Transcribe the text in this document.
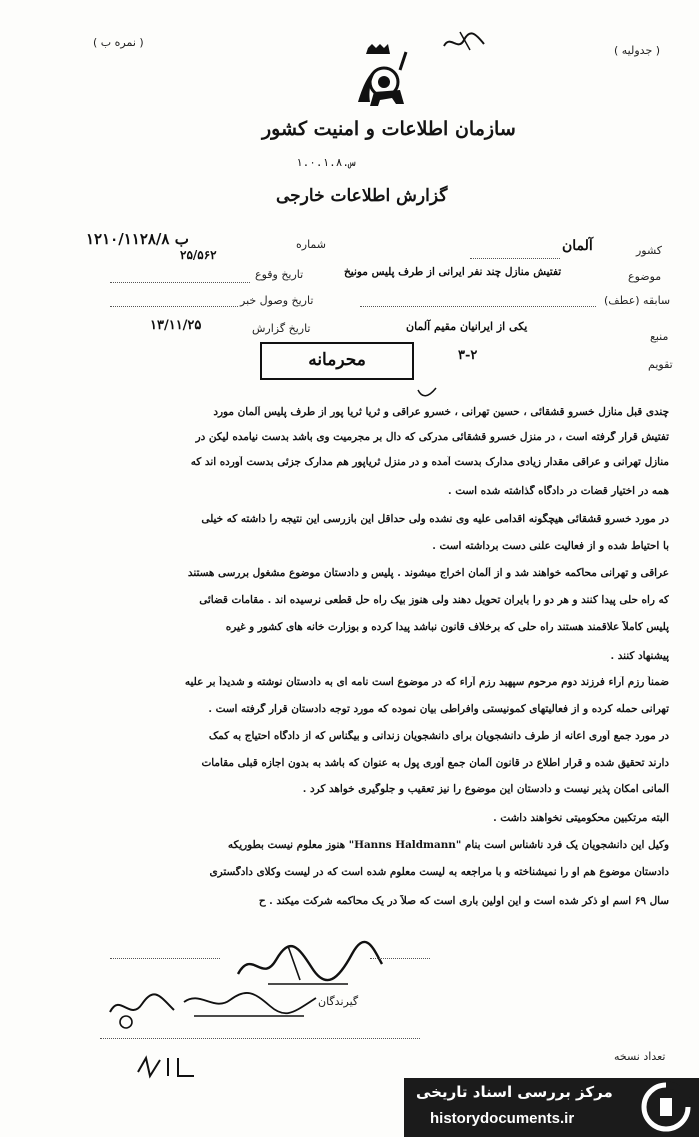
( جدولیه )
( نمره ب )
سازمان اطلاعات و امنیت کشور
س.۱.۰.۱.۸
گزارش اطلاعات خارجی
کشور
آلمان
شماره
۱۲۱۰/۱۱۲۸/۸ ب
۲۵/۵۶۲
موضوع
تفتیش منازل چند نفر ایرانی از طرف پلیس مونیخ
تاریخ وقوع
سابقه (عطف)
تاریخ وصول خبر
منبع
یکی از ایرانیان مقیم آلمان
تاریخ گزارش
۱۳/۱۱/۲۵
تقویم
۳-۲
محرمانه
چندی قبل منازل خسرو قشقائی ، حسین تهرانی ، خسرو عراقی و ثریا ثریا پور از طرف پلیس آلمان مورد
تفتیش قرار گرفته است ، در منزل خسرو قشقائی مدرکی که دال بر مجرمیت وی باشد بدست نیامده لیکن در
منازل تهرانی و عراقی مقدار زیادی مدارک بدست آمده و در منزل ثریاپور هم مدارک جزئی بدست آورده اند که
همه در اختیار قضات در دادگاه گذاشته شده است .
در مورد خسرو قشقائی هیچگونه اقدامی علیه وی نشده ولی حداقل این بازرسی این نتیجه را داشته که خیلی
با احتیاط شده و از فعالیت علنی دست برداشته است .
عراقی و تهرانی محاکمه خواهند شد و از آلمان اخراج میشوند . پلیس و دادستان موضوع مشغول بررسی هستند
که راه حلی پیدا کنند و هر دو را بایران تحویل دهند ولی هنوز بیک راه حل قطعی نرسیده اند . مقامات قضائی
پلیس کاملاً علاقمند هستند راه حلی که برخلاف قانون نباشد پیدا کرده و بوزارت خانه های کشور و غیره
پیشنهاد کنند .
ضمناً رزم آراء فرزند دوم مرحوم سپهبد رزم آراء که در موضوع است نامه ای به دادستان نوشته و شدیداً بر علیه
تهرانی حمله کرده و از فعالیتهای کمونیستی وافراطی بیان نموده که مورد توجه دادستان قرار گرفته است .
در مورد جمع آوری اعانه از طرف دانشجویان برای دانشجویان زندانی و بیگناس که از دادگاه احتیاج به کمک
دارند تحقیق شده و قرار اطلاع در قانون آلمان جمع آوری پول به عنوان که باشد به بدون اجازه قبلی مقامات
آلمانی امکان پذیر نیست و دادستان این موضوع را نیز تعقیب و جلوگیری خواهد کرد .
البته مرتکبین محکومیتی نخواهند داشت .
وکیل این دانشجویان یک فرد ناشناس است بنام "Hanns Haldmann" هنوز معلوم نیست بطوریکه
دادستان موضوع هم او را نمیشناخته و با مراجعه به لیست معلوم شده است که در لیست وکلای دادگستری
سال ۶۹ اسم او ذکر شده است و این اولین باری است که صلاً در یک محاکمه شرکت میکند . ح
گیرندگان
تعداد نسخه
مرکز بررسی اسناد تاریخی
historydocuments.ir
